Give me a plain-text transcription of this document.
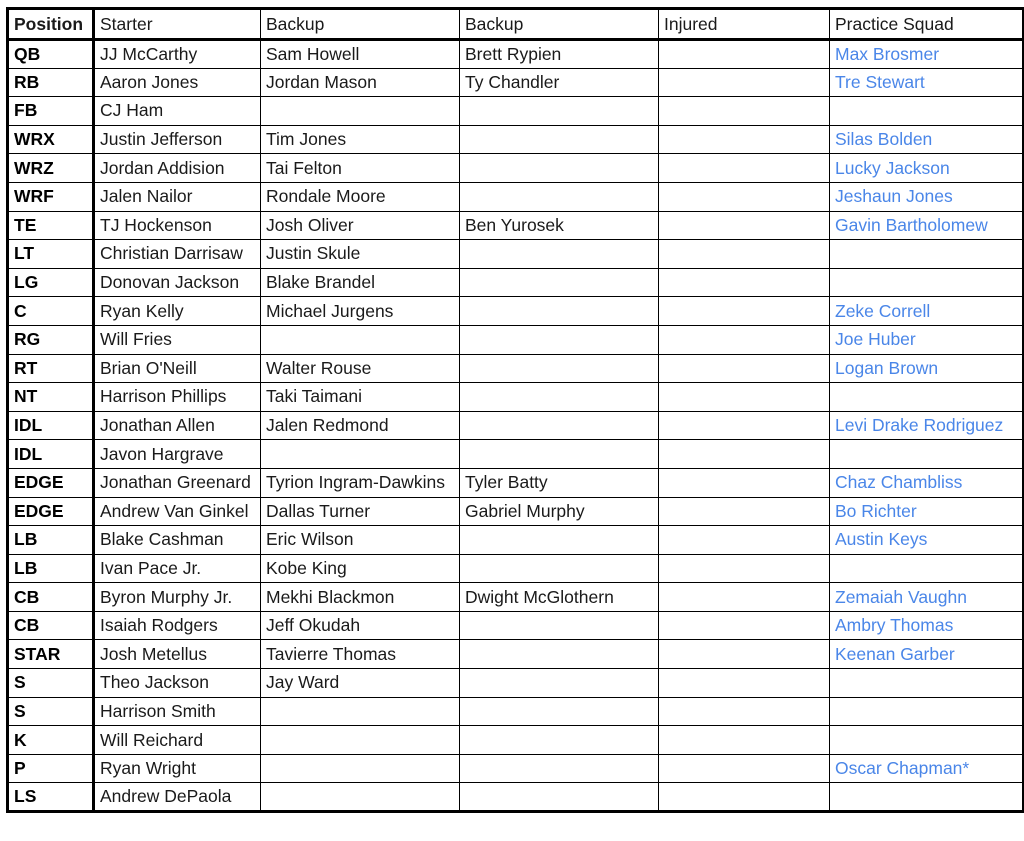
Position	Starter	Backup	Backup	Injured	Practice Squad
QB	JJ McCarthy	Sam Howell	Brett Rypien		Max Brosmer
RB	Aaron Jones	Jordan Mason	Ty Chandler		Tre Stewart
FB	CJ Ham				
WRX	Justin Jefferson	Tim Jones			Silas Bolden
WRZ	Jordan Addision	Tai Felton			Lucky Jackson
WRF	Jalen Nailor	Rondale Moore			Jeshaun Jones
TE	TJ Hockenson	Josh Oliver	Ben Yurosek		Gavin Bartholomew
LT	Christian Darrisaw	Justin Skule			
LG	Donovan Jackson	Blake Brandel			
C	Ryan Kelly	Michael Jurgens			Zeke Correll
RG	Will Fries				Joe Huber
RT	Brian O'Neill	Walter Rouse			Logan Brown
NT	Harrison Phillips	Taki Taimani			
IDL	Jonathan Allen	Jalen Redmond			Levi Drake Rodriguez
IDL	Javon Hargrave				
EDGE	Jonathan Greenard	Tyrion Ingram-Dawkins	Tyler Batty		Chaz Chambliss
EDGE	Andrew Van Ginkel	Dallas Turner	Gabriel Murphy		Bo Richter
LB	Blake Cashman	Eric Wilson			Austin Keys
LB	Ivan Pace Jr.	Kobe King			
CB	Byron Murphy Jr.	Mekhi Blackmon	Dwight McGlothern		Zemaiah Vaughn
CB	Isaiah Rodgers	Jeff Okudah			Ambry Thomas
STAR	Josh Metellus	Tavierre Thomas			Keenan Garber
S	Theo Jackson	Jay Ward			
S	Harrison Smith				
K	Will Reichard				
P	Ryan Wright				Oscar Chapman*
LS	Andrew DePaola				
